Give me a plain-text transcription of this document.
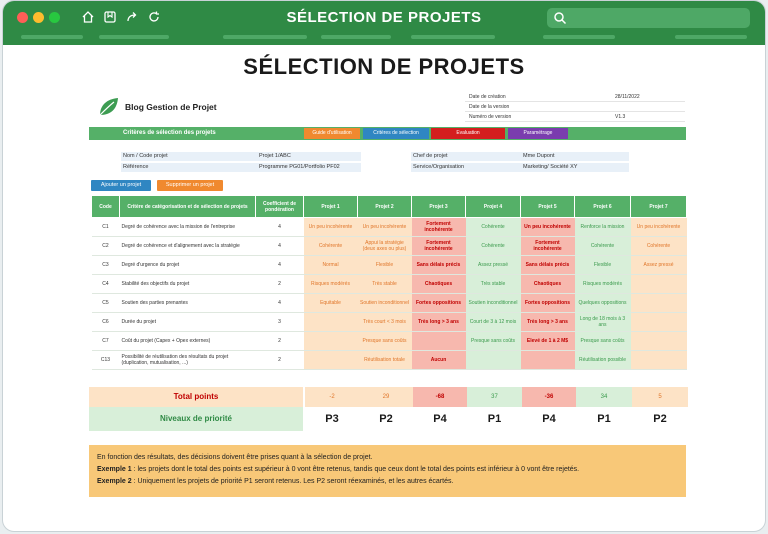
SÉLECTION DE PROJETS
SÉLECTION DE PROJETS
Blog Gestion de Projet
Date de création	28/11/2022
Date de la version
Numéro de version	V1.3
Critères de sélection des projets	Guide d'utilisation	Critères de sélection	Evaluation	Paramétrage
Nom / Code projet	Projet 1/ABC
Référence	Programme PG01/Portfolio PF02
Chef de projet	Mme Dupont
Service/Organisation	Marketing/ Société XY
Ajouter un projet	Supprimer un projet
Code	Critère de catégorisation et de sélection de projets	Coefficient de pondération	Projet 1	Projet 2	Projet 3	Projet 4	Projet 5	Projet 6	Projet 7
C1	Degré de cohérence avec la mission de l'entreprise	4	Un peu incohérente	Un peu incohérente	Fortement incohérente	Cohérente	Un peu incohérente	Renforce la mission	Un peu incohérente
C2	Degré de cohérence et d'alignement avec la stratégie	4	Cohérente	Appui la stratégie (deux axes ou plus)	Fortement incohérente	Cohérente	Fortement incohérente	Cohérente	Cohérente
C3	Degré d'urgence du projet	4	Normal	Flexible	Sans délais précis	Assez pressé	Sans délais précis	Flexible	Assez pressé
C4	Stabilité des objectifs du projet	2	Risques modérés	Très stable	Chaotiques	Très stable	Chaotiques	Risques modérés	
C5	Soutien des parties prenantes	4	Equitable	Soutien inconditionnel	Fortes oppositions	Soutien inconditionnel	Fortes oppositions	Quelques oppositions	
C6	Durée du projet	3		Très court < 3 mois	Très long > 3 ans	Court de 3 à 12 mois	Très long > 3 ans	Long de 18 mois à 3 ans	
C7	Coût du projet (Capex + Opex externes)	2		Presque sans coûts		Presque sans coûts	Elevé de 1 à 2 M$	Presque sans coûts	
C13	Possibilité de réutilisation des résultats du projet (duplication, mutualisation, ...)	2		Réutilisation totale	Aucun			Réutilisation possible	
Total points	-2	29	-68	37	-36	34	5
Niveaux de priorité	P3	P2	P4	P1	P4	P1	P2
En fonction des résultats, des décisions doivent être prises quant à la sélection de projet.
Exemple 1 : les projets dont le total des points est supérieur à 0 vont être retenus, tandis que ceux dont le total des points est inférieur à 0 vont être rejetés.
Exemple 2 : Uniquement les projets de priorité P1 seront retenus. Les P2 seront réexaminés, et les autres écartés.
